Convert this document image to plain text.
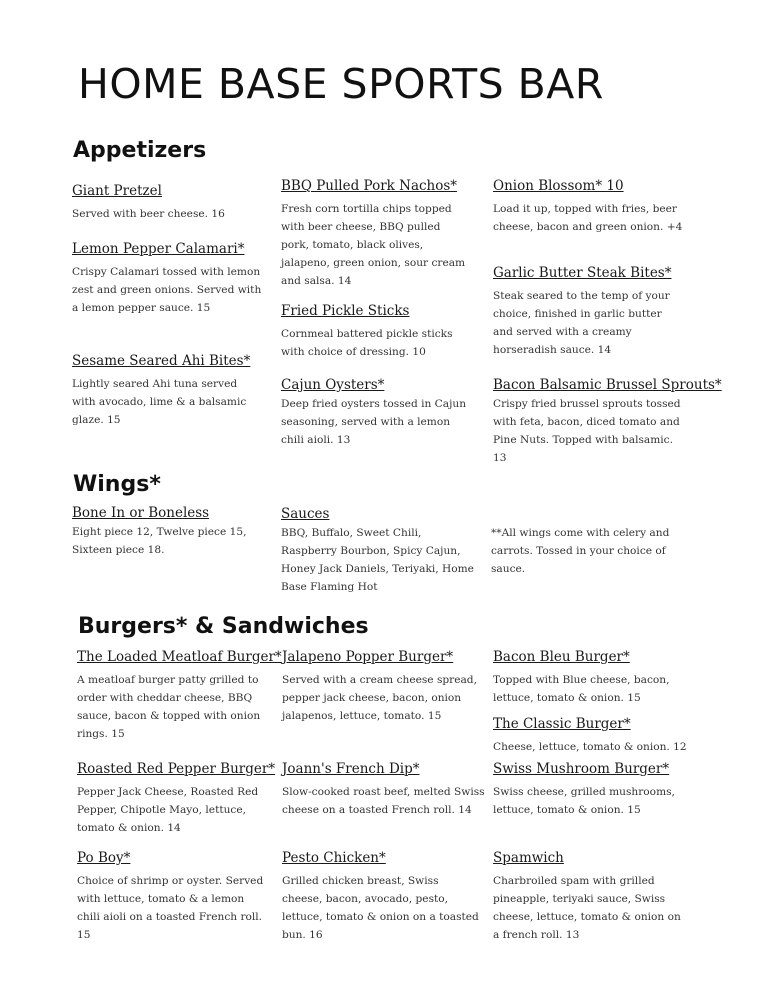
HOME BASE SPORTS BAR
Appetizers
Giant Pretzel
Served with beer cheese. 16
Lemon Pepper Calamari*
Crispy Calamari tossed with lemon zest and green onions. Served with a lemon pepper sauce. 15
Sesame Seared Ahi Bites*
Lightly seared Ahi tuna served with avocado, lime & a balsamic glaze. 15
BBQ Pulled Pork Nachos*
Fresh corn tortilla chips topped with beer cheese, BBQ pulled pork, tomato, black olives, jalapeno, green onion, sour cream and salsa. 14
Fried Pickle Sticks
Cornmeal battered pickle sticks with choice of dressing. 10
Cajun Oysters*
Deep fried oysters tossed in Cajun seasoning, served with a lemon chili aioli. 13
Onion Blossom* 10
Load it up, topped with fries, beer cheese, bacon and green onion. +4
Garlic Butter Steak Bites*
Steak seared to the temp of your choice, finished in garlic butter and served with a creamy horseradish sauce. 14
Bacon Balsamic Brussel Sprouts*
Crispy fried brussel sprouts tossed with feta, bacon, diced tomato and Pine Nuts. Topped with balsamic. 13
Wings*
Bone In or Boneless
Eight piece 12, Twelve piece 15, Sixteen piece 18.
Sauces
BBQ, Buffalo, Sweet Chili, Raspberry Bourbon, Spicy Cajun, Honey Jack Daniels, Teriyaki, Home Base Flaming Hot
**All wings come with celery and carrots. Tossed in your choice of sauce.
Burgers* & Sandwiches
The Loaded Meatloaf Burger*
A meatloaf burger patty grilled to order with cheddar cheese, BBQ sauce, bacon & topped with onion rings. 15
Jalapeno Popper Burger*
Served with a cream cheese spread, pepper jack cheese, bacon, onion jalapenos, lettuce, tomato. 15
Bacon Bleu Burger*
Topped with Blue cheese, bacon, lettuce, tomato & onion. 15
The Classic Burger*
Cheese, lettuce, tomato & onion. 12
Roasted Red Pepper Burger*
Pepper Jack Cheese, Roasted Red Pepper, Chipotle Mayo, lettuce, tomato & onion. 14
Joann's French Dip*
Slow-cooked roast beef, melted Swiss cheese on a toasted French roll. 14
Swiss Mushroom Burger*
Swiss cheese, grilled mushrooms, lettuce, tomato & onion. 15
Po Boy*
Choice of shrimp or oyster. Served with lettuce, tomato & a lemon chili aioli on a toasted French roll. 15
Pesto Chicken*
Grilled chicken breast, Swiss cheese, bacon, avocado, pesto, lettuce, tomato & onion on a toasted bun. 16
Spamwich
Charbroiled spam with grilled pineapple, teriyaki sauce, Swiss cheese, lettuce, tomato & onion on a french roll. 13
